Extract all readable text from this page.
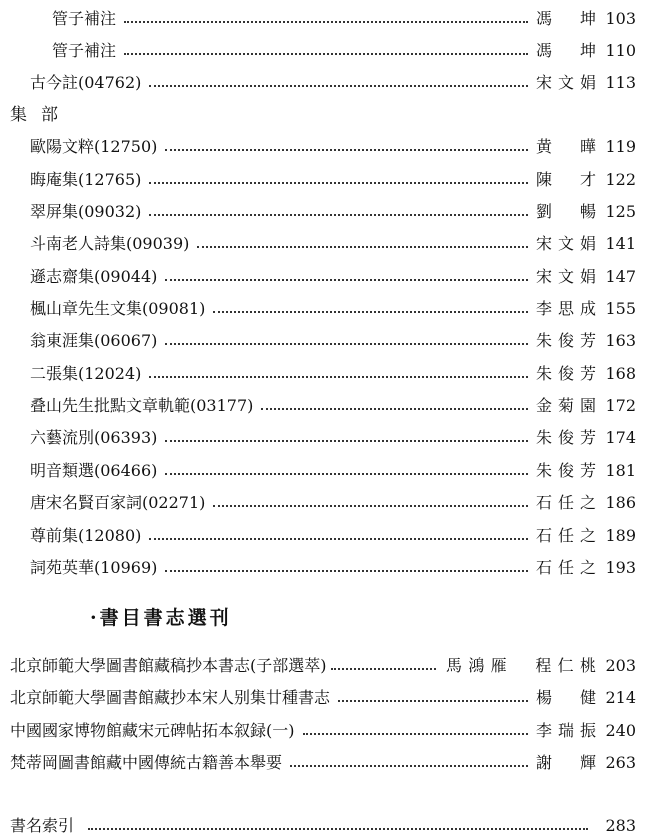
管子補注	馮　坤 103
管子補注	馮　坤 110
古今註(04762)	宋文娟 113
集部
歐陽文粹(12750)	黄　曄 119
晦庵集(12765)	陳　才 122
翠屏集(09032)	劉　暢 125
斗南老人詩集(09039)	宋文娟 141
遜志齋集(09044)	宋文娟 147
楓山章先生文集(09081)	李思成 155
翁東涯集(06067)	朱俊芳 163
二張集(12024)	朱俊芳 168
叠山先生批點文章軌範(03177)	金菊園 172
六藝流別(06393)	朱俊芳 174
明音類選(06466)	朱俊芳 181
唐宋名賢百家詞(02271)	石任之 186
尊前集(12080)	石任之 189
詞苑英華(10969)	石任之 193
·書目書志選刊
北京師範大學圖書館藏稿抄本書志(子部選萃)	馬鴻雁　程仁桃 203
北京師範大學圖書館藏抄本宋人别集廿種書志	楊　健 214
中國國家博物館藏宋元碑帖拓本叙録(一)	李瑞振 240
梵蒂岡圖書館藏中國傳統古籍善本舉要	謝　輝 263
書名索引	283
